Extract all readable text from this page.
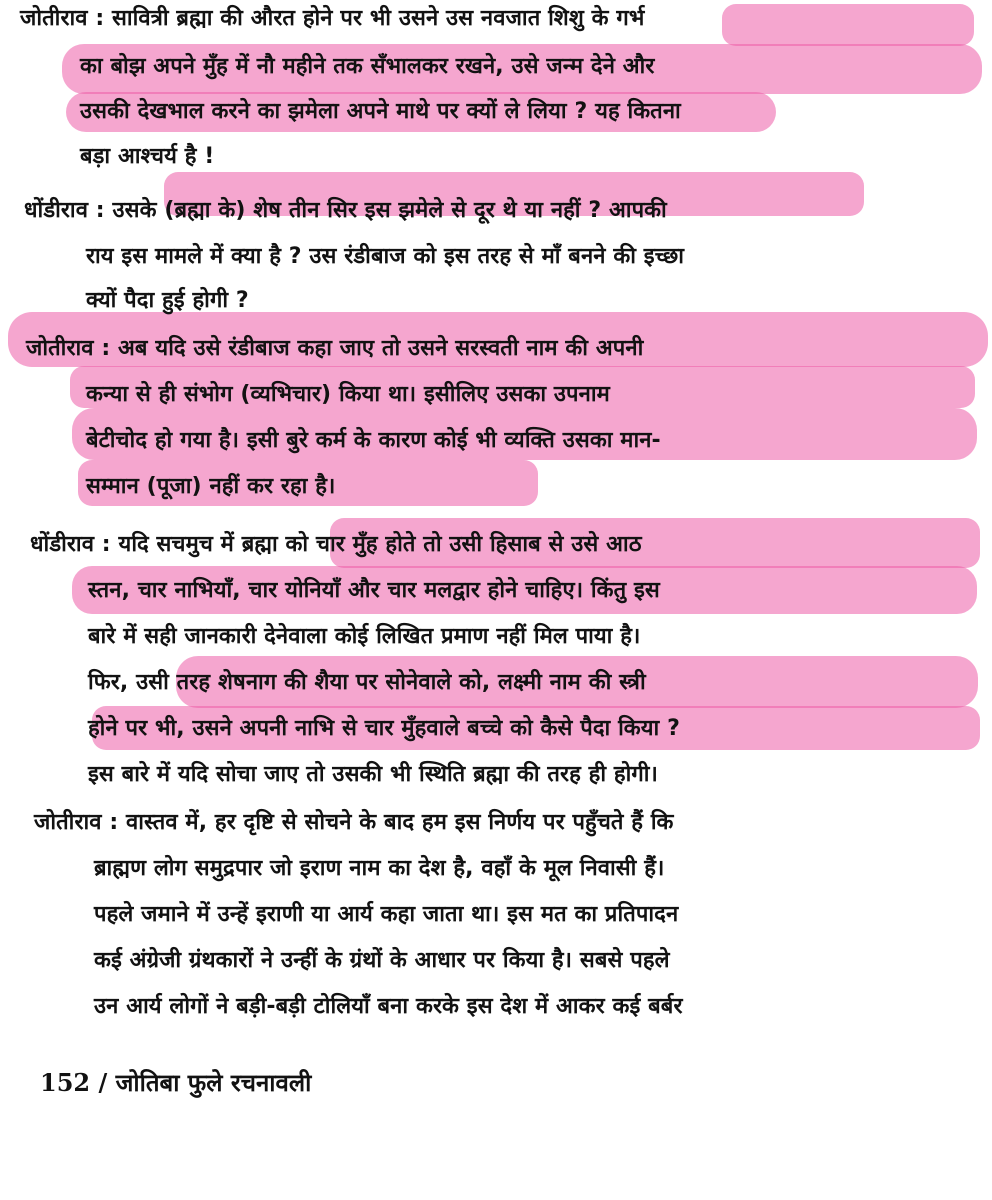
जोतीराव : सावित्री ब्रह्मा की औरत होने पर भी उसने उस नवजात शिशु के गर्भ
का बोझ अपने मुँह में नौ महीने तक सँभालकर रखने, उसे जन्म देने और
उसकी देखभाल करने का झमेला अपने माथे पर क्यों ले लिया ? यह कितना
बड़ा आश्चर्य है !
धोंडीराव : उसके (ब्रह्मा के) शेष तीन सिर इस झमेले से दूर थे या नहीं ? आपकी
राय इस मामले में क्या है ? उस रंडीबाज को इस तरह से माँ बनने की इच्छा
क्यों पैदा हुई होगी ?
जोतीराव : अब यदि उसे रंडीबाज कहा जाए तो उसने सरस्वती नाम की अपनी
कन्या से ही संभोग (व्यभिचार) किया था। इसीलिए उसका उपनाम
बेटीचोद हो गया है। इसी बुरे कर्म के कारण कोई भी व्यक्ति उसका मान-
सम्मान (पूजा) नहीं कर रहा है।
धोंडीराव : यदि सचमुच में ब्रह्मा को चार मुँह होते तो उसी हिसाब से उसे आठ
स्तन, चार नाभियाँ, चार योनियाँ और चार मलद्वार होने चाहिए। किंतु इस
बारे में सही जानकारी देनेवाला कोई लिखित प्रमाण नहीं मिल पाया है।
फिर, उसी तरह शेषनाग की शैया पर सोनेवाले को, लक्ष्मी नाम की स्त्री
होने पर भी, उसने अपनी नाभि से चार मुँहवाले बच्चे को कैसे पैदा किया ?
इस बारे में यदि सोचा जाए तो उसकी भी स्थिति ब्रह्मा की तरह ही होगी।
जोतीराव : वास्तव में, हर दृष्टि से सोचने के बाद हम इस निर्णय पर पहुँचते हैं कि
ब्राह्मण लोग समुद्रपार जो इराण नाम का देश है, वहाँ के मूल निवासी हैं।
पहले जमाने में उन्हें इराणी या आर्य कहा जाता था। इस मत का प्रतिपादन
कई अंग्रेजी ग्रंथकारों ने उन्हीं के ग्रंथों के आधार पर किया है। सबसे पहले
उन आर्य लोगों ने बड़ी-बड़ी टोलियाँ बना करके इस देश में आकर कई बर्बर
152 / जोतिबा फुले रचनावली
